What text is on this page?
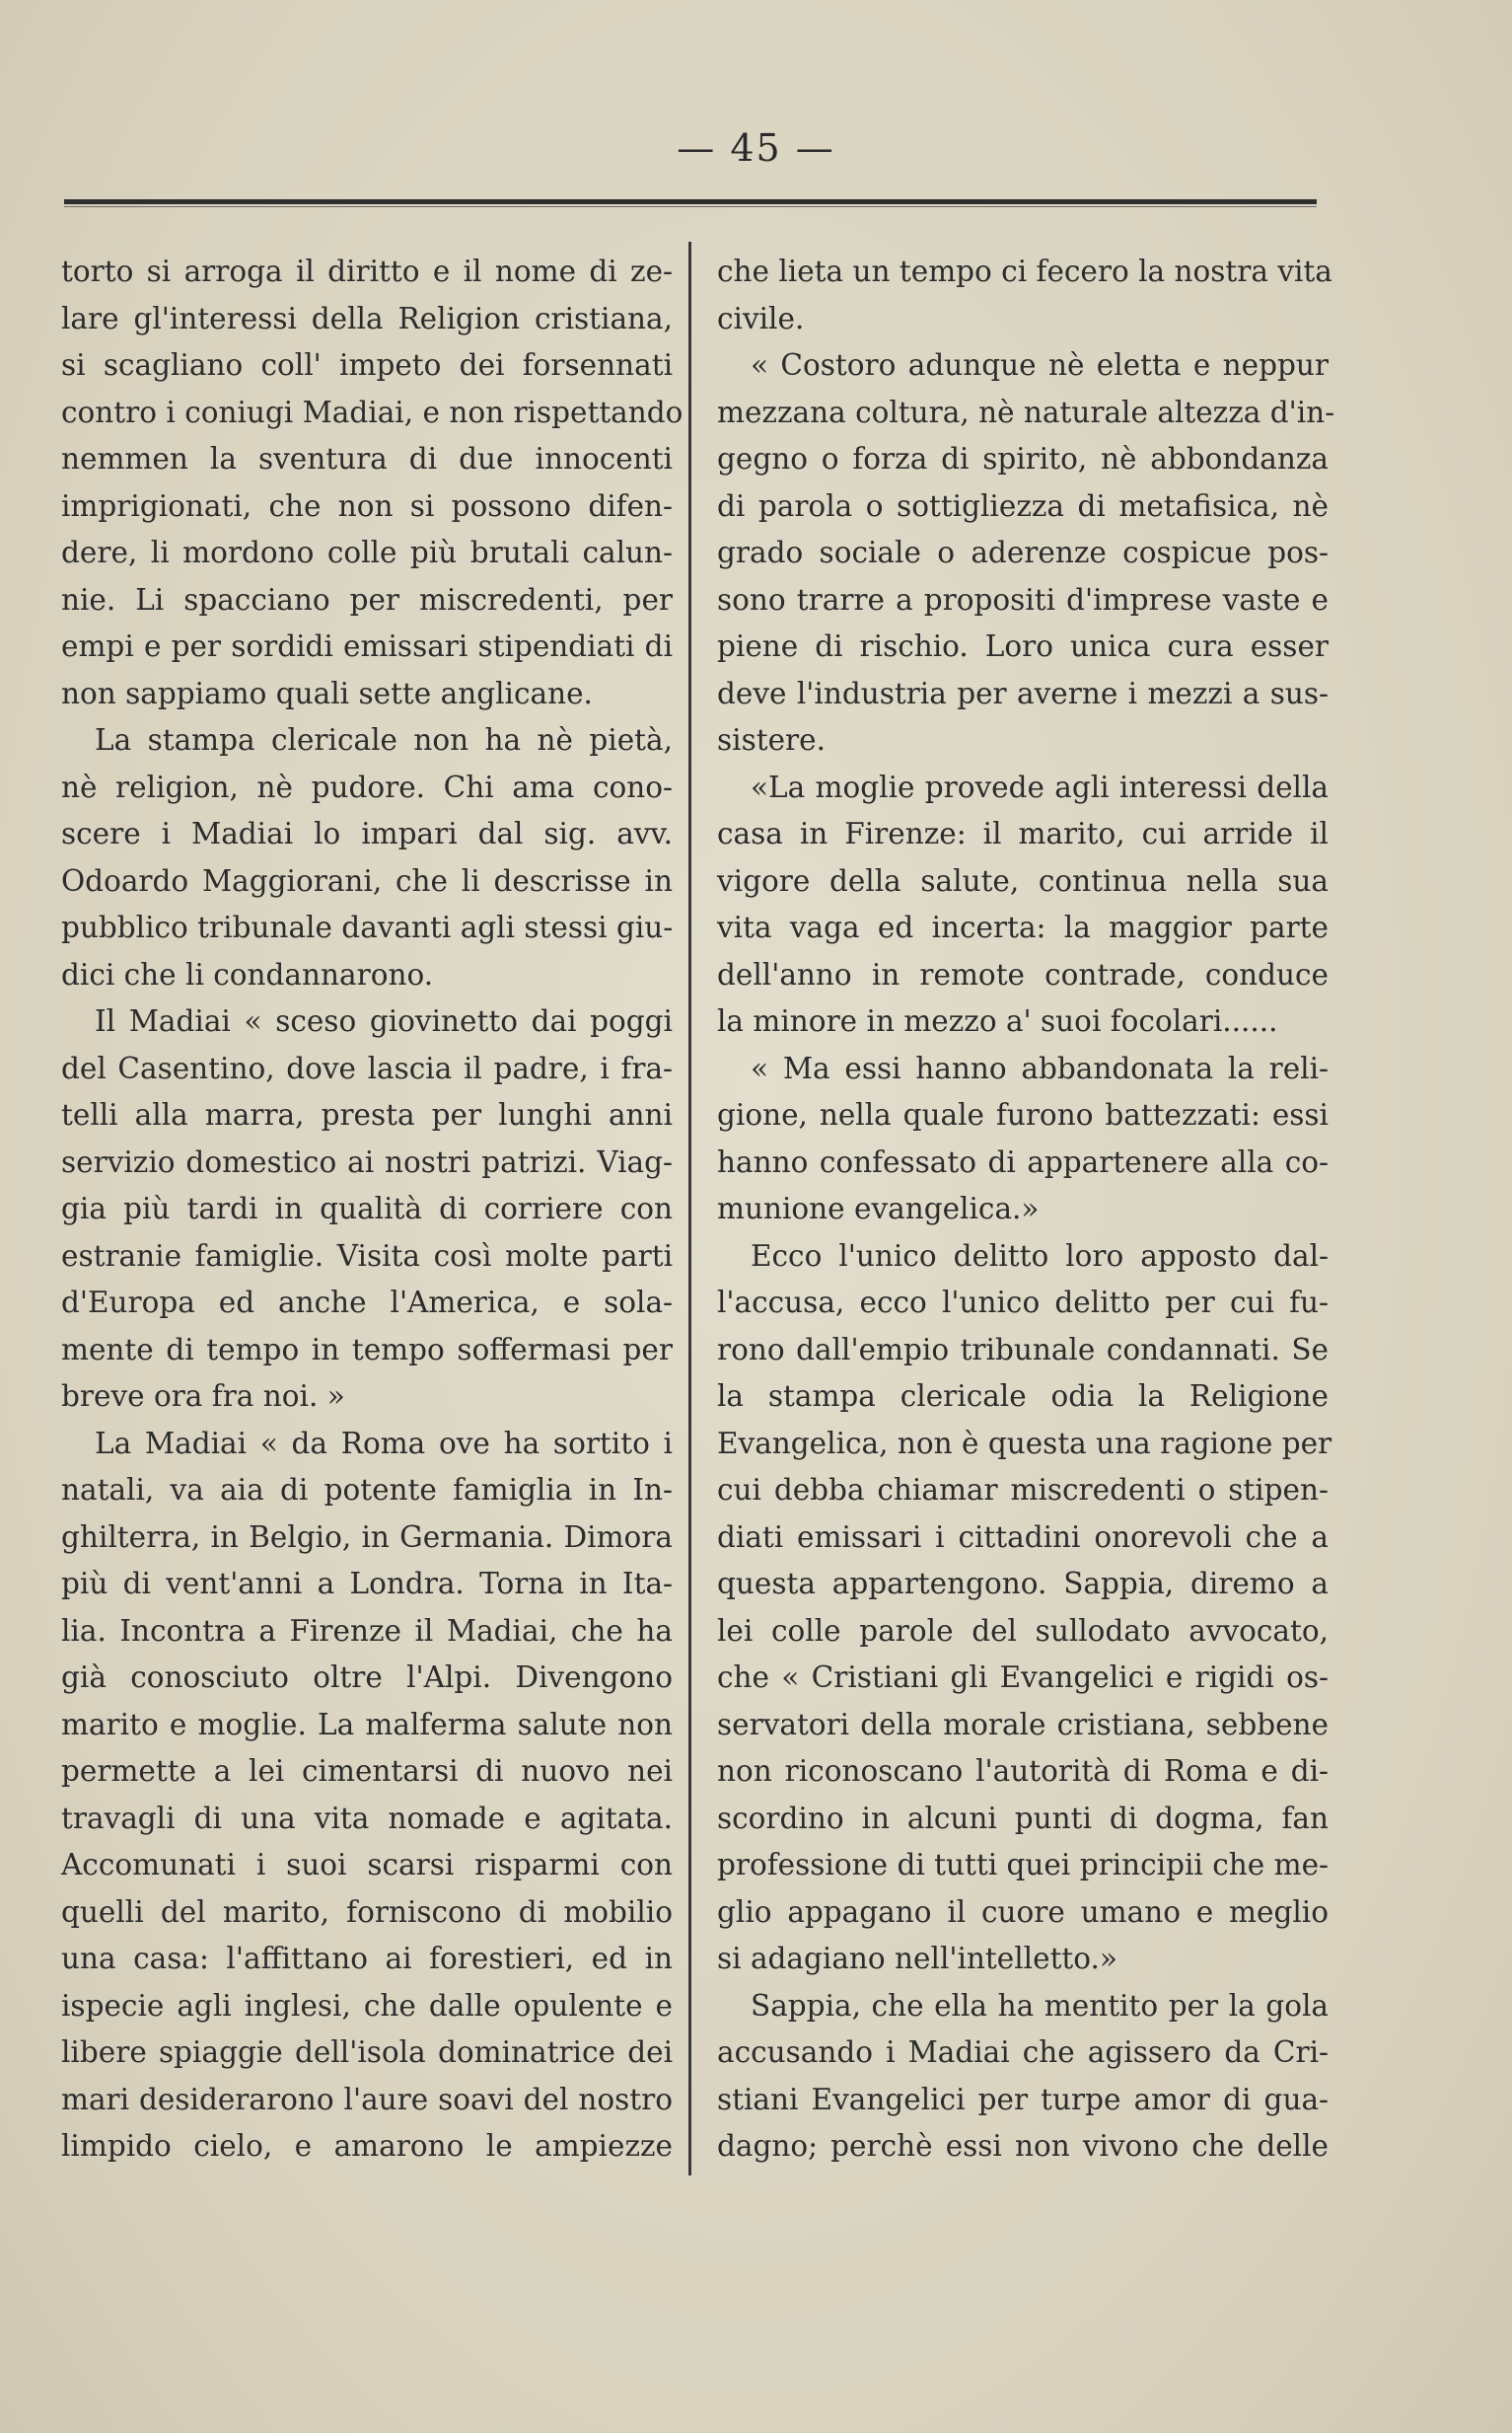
— 45 —
torto si arroga il diritto e il nome di ze-
lare gl'interessi della Religion cristiana,
si scagliano coll' impeto dei forsennati
contro i coniugi Madiai, e non rispettando
nemmen la sventura di due innocenti
imprigionati, che non si possono difen-
dere, li mordono colle più brutali calun-
nie. Li spacciano per miscredenti, per
empi e per sordidi emissari stipendiati di
non sappiamo quali sette anglicane.
La stampa clericale non ha nè pietà,
nè religion, nè pudore. Chi ama cono-
scere i Madiai lo impari dal sig. avv.
Odoardo Maggiorani, che li descrisse in
pubblico tribunale davanti agli stessi giu-
dici che li condannarono.
Il Madiai « sceso giovinetto dai poggi
del Casentino, dove lascia il padre, i fra-
telli alla marra, presta per lunghi anni
servizio domestico ai nostri patrizi. Viag-
gia più tardi in qualità di corriere con
estranie famiglie. Visita così molte parti
d'Europa ed anche l'America, e sola-
mente di tempo in tempo soffermasi per
breve ora fra noi. »
La Madiai « da Roma ove ha sortito i
natali, va aia di potente famiglia in In-
ghilterra, in Belgio, in Germania. Dimora
più di vent'anni a Londra. Torna in Ita-
lia. Incontra a Firenze il Madiai, che ha
già conosciuto oltre l'Alpi. Divengono
marito e moglie. La malferma salute non
permette a lei cimentarsi di nuovo nei
travagli di una vita nomade e agitata.
Accomunati i suoi scarsi risparmi con
quelli del marito, forniscono di mobilio
una casa: l'affittano ai forestieri, ed in
ispecie agli inglesi, che dalle opulente e
libere spiaggie dell'isola dominatrice dei
mari desiderarono l'aure soavi del nostro
limpido cielo, e amarono le ampiezze
che lieta un tempo ci fecero la nostra vita
civile.
« Costoro adunque nè eletta e neppur
mezzana coltura, nè naturale altezza d'in-
gegno o forza di spirito, nè abbondanza
di parola o sottigliezza di metafisica, nè
grado sociale o aderenze cospicue pos-
sono trarre a propositi d'imprese vaste e
piene di rischio. Loro unica cura esser
deve l'industria per averne i mezzi a sus-
sistere.
«La moglie provede agli interessi della
casa in Firenze: il marito, cui arride il
vigore della salute, continua nella sua
vita vaga ed incerta: la maggior parte
dell'anno in remote contrade, conduce
la minore in mezzo a' suoi focolari......
« Ma essi hanno abbandonata la reli-
gione, nella quale furono battezzati: essi
hanno confessato di appartenere alla co-
munione evangelica.»
Ecco l'unico delitto loro apposto dal-
l'accusa, ecco l'unico delitto per cui fu-
rono dall'empio tribunale condannati. Se
la stampa clericale odia la Religione
Evangelica, non è questa una ragione per
cui debba chiamar miscredenti o stipen-
diati emissari i cittadini onorevoli che a
questa appartengono. Sappia, diremo a
lei colle parole del sullodato avvocato,
che « Cristiani gli Evangelici e rigidi os-
servatori della morale cristiana, sebbene
non riconoscano l'autorità di Roma e di-
scordino in alcuni punti di dogma, fan
professione di tutti quei principii che me-
glio appagano il cuore umano e meglio
si adagiano nell'intelletto.»
Sappia, che ella ha mentito per la gola
accusando i Madiai che agissero da Cri-
stiani Evangelici per turpe amor di gua-
dagno; perchè essi non vivono che delle
